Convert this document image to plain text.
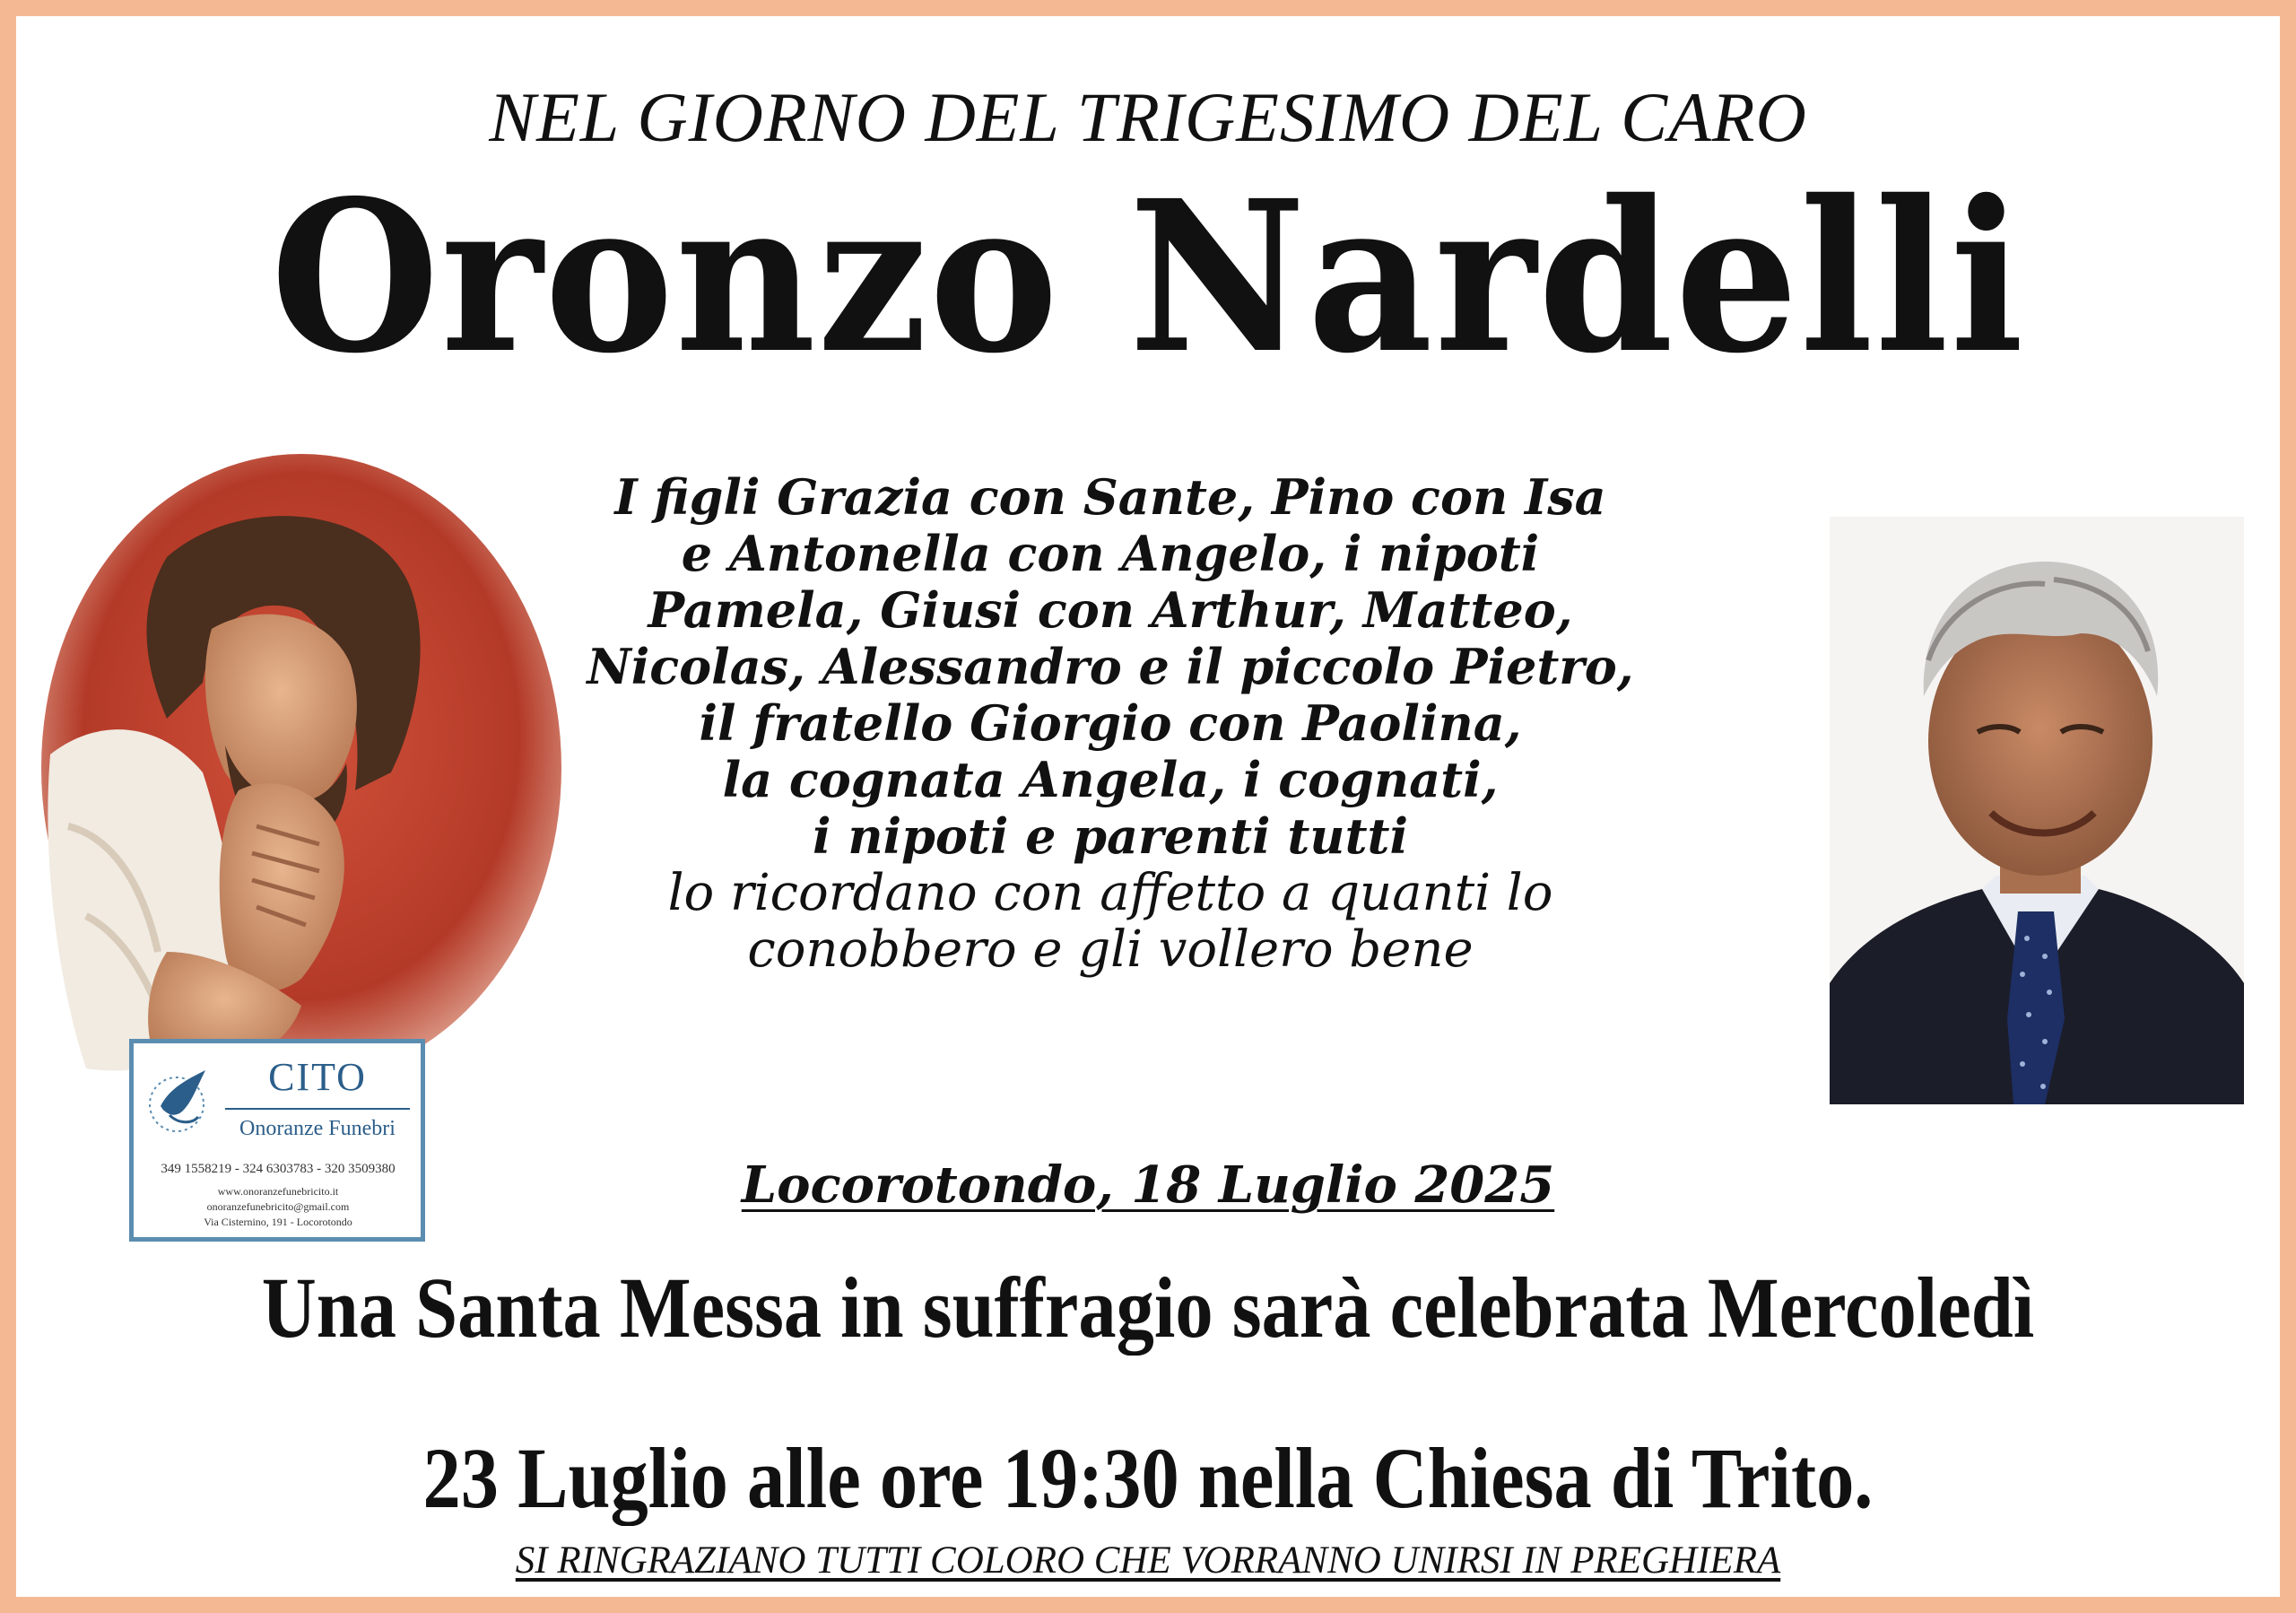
NEL GIORNO DEL TRIGESIMO DEL CARO
Oronzo Nardelli
CITO
Onoranze Funebri
349 1558219 - 324 6303783 - 320 3509380
www.onoranzefunebricito.it
onoranzefunebricito@gmail.com
Via Cisternino, 191 - Locorotondo
I figli Grazia con Sante, Pino con Isa
e Antonella con Angelo, i nipoti
Pamela, Giusi con Arthur, Matteo,
Nicolas, Alessandro e il piccolo Pietro,
il fratello Giorgio con Paolina,
la cognata Angela, i cognati,
i nipoti e parenti tutti
lo ricordano con affetto a quanti lo
conobbero e gli vollero bene
Locorotondo, 18 Luglio 2025
Una Santa Messa in suffragio sarà celebrata Mercoledì
23 Luglio alle ore 19:30 nella Chiesa di Trito.
SI RINGRAZIANO TUTTI COLORO CHE VORRANNO UNIRSI IN PREGHIERA
